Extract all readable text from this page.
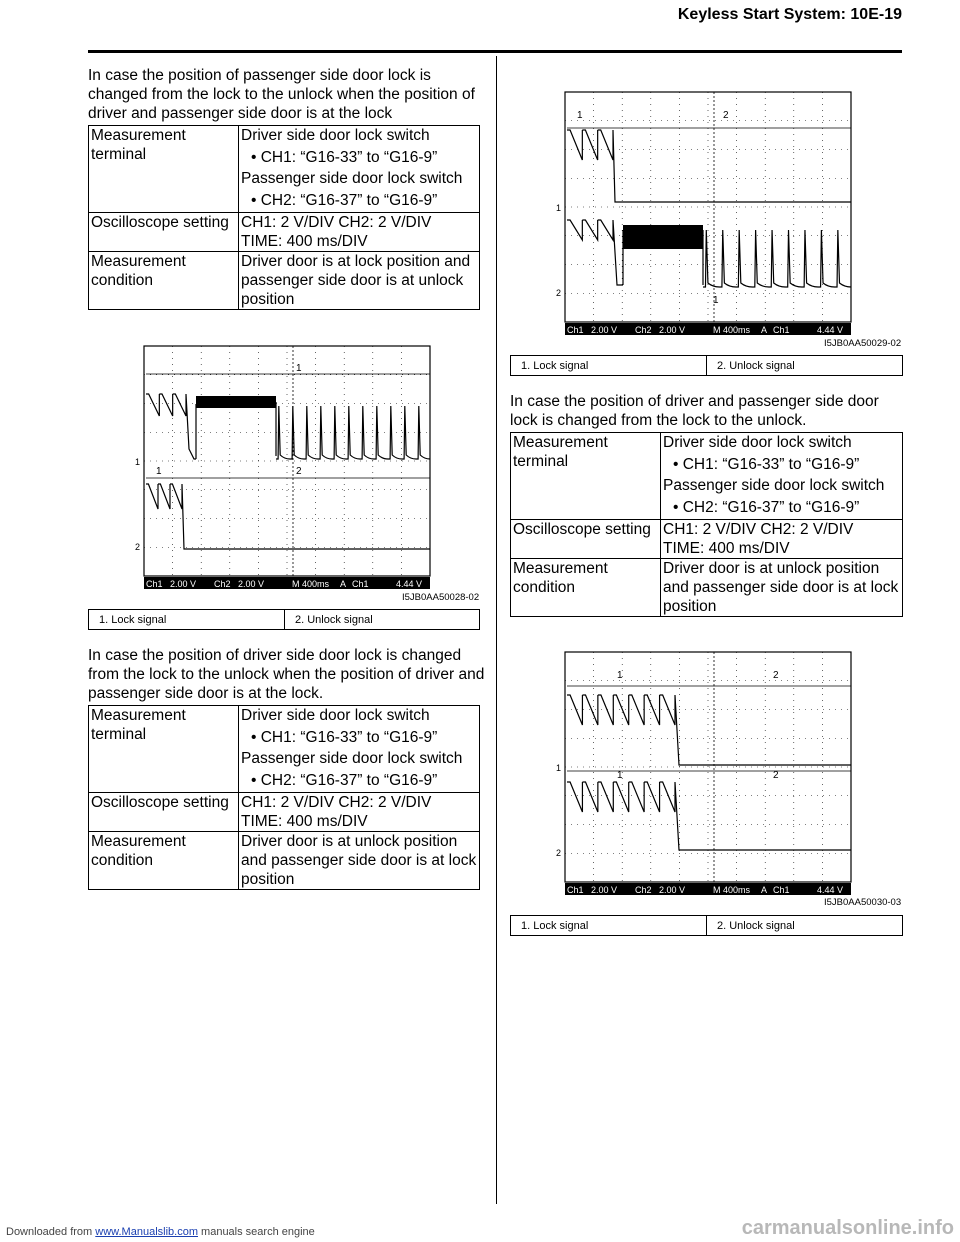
Keyless Start System: 10E-19
In case the position of passenger side door lock is changed from the lock to the unlock when the position of driver and passenger side door is at the lock
Measurement terminal	Driver side door lock switch
• CH1: “G16-33” to “G16-9”
Passenger side door lock switch
• CH2: “G16-37” to “G16-9”

Oscilloscope setting	CH1: 2 V/DIV CH2: 2 V/DIV
TIME: 400 ms/DIV

Measurement condition	Driver door is at lock position and passenger side door is at unlock position
1
2
1
1	2
Ch1 2.00 V Ch2 2.00 V	M 400ms A Ch1	4.44 V
I5JB0AA50028-02
1. Lock signal	2. Unlock signal
In case the position of driver side door lock is changed from the lock to the unlock when the position of driver and passenger side door is at the lock.
Measurement terminal	Driver side door lock switch
• CH1: “G16-33” to “G16-9”
Passenger side door lock switch
• CH2: “G16-37” to “G16-9”

Oscilloscope setting	CH1: 2 V/DIV CH2: 2 V/DIV
TIME: 400 ms/DIV

Measurement condition	Driver door is at unlock position and passenger side door is at lock position
1
2
1	2
1
Ch1 2.00 V Ch2 2.00 V	M 400ms A Ch1	4.44 V
I5JB0AA50029-02
1. Lock signal	2. Unlock signal
In case the position of driver and passenger side door lock is changed from the lock to the unlock.
Measurement terminal	Driver side door lock switch
• CH1: “G16-33” to “G16-9”
Passenger side door lock switch
• CH2: “G16-37” to “G16-9”

Oscilloscope setting	CH1: 2 V/DIV CH2: 2 V/DIV
TIME: 400 ms/DIV

Measurement condition	Driver door is at unlock position and passenger side door is at lock position
1
2
1	2
1	2
Ch1 2.00 V Ch2 2.00 V	M 400ms A Ch1	4.44 V
I5JB0AA50030-03
1. Lock signal	2. Unlock signal
Downloaded from www.Manualslib.com manuals search engine	carmanualsonline.info
